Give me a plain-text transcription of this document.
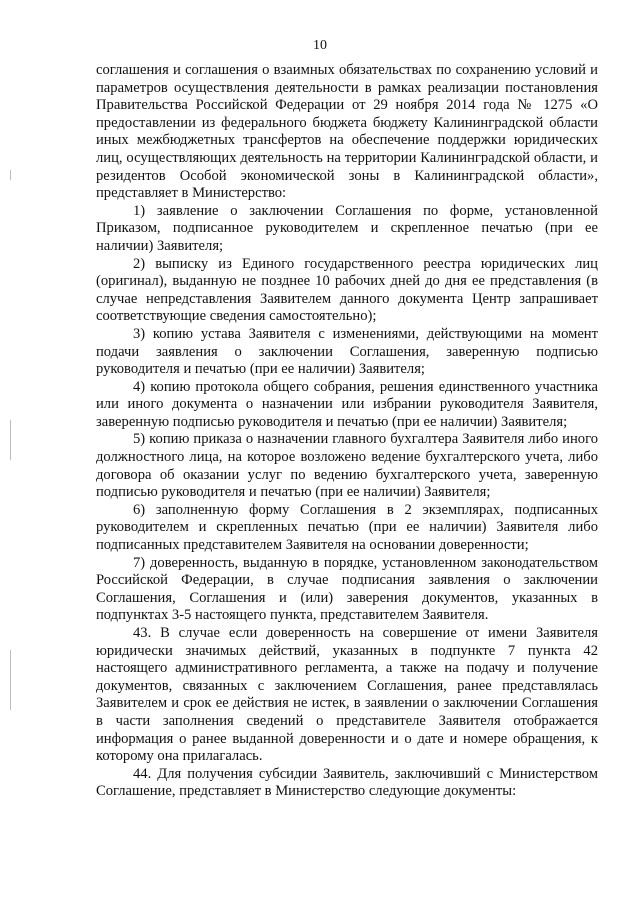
10

соглашения и соглашения о взаимных обязательствах по сохранению условий и параметров осуществления деятельности в рамках реализации постановления Правительства Российской Федерации от 29 ноября 2014 года № 1275 «О предоставлении из федерального бюджета бюджету Калининградской области иных межбюджетных трансфертов на обеспечение поддержки юридических лиц, осуществляющих деятельность на территории Калининградской области, и резидентов Особой экономической зоны в Калининградской области», представляет в Министерство:

1) заявление о заключении Соглашения по форме, установленной Приказом, подписанное руководителем и скрепленное печатью (при ее наличии) Заявителя;

2) выписку из Единого государственного реестра юридических лиц (оригинал), выданную не позднее 10 рабочих дней до дня ее представления (в случае непредставления Заявителем данного документа Центр запрашивает соответствующие сведения самостоятельно);

3) копию устава Заявителя с изменениями, действующими на момент подачи заявления о заключении Соглашения, заверенную подписью руководителя и печатью (при ее наличии) Заявителя;

4) копию протокола общего собрания, решения единственного участника или иного документа о назначении или избрании руководителя Заявителя, заверенную подписью руководителя и печатью (при ее наличии) Заявителя;

5) копию приказа о назначении главного бухгалтера Заявителя либо иного должностного лица, на которое возложено ведение бухгалтерского учета, либо договора об оказании услуг по ведению бухгалтерского учета, заверенную подписью руководителя и печатью (при ее наличии) Заявителя;

6) заполненную форму Соглашения в 2 экземплярах, подписанных руководителем и скрепленных печатью (при ее наличии) Заявителя либо подписанных представителем Заявителя на основании доверенности;

7) доверенность, выданную в порядке, установленном законодательством Российской Федерации, в случае подписания заявления о заключении Соглашения, Соглашения и (или) заверения документов, указанных в подпунктах 3-5 настоящего пункта, представителем Заявителя.

43. В случае если доверенность на совершение от имени Заявителя юридически значимых действий, указанных в подпункте 7 пункта 42 настоящего административного регламента, а также на подачу и получение документов, связанных с заключением Соглашения, ранее представлялась Заявителем и срок ее действия не истек, в заявлении о заключении Соглашения в части заполнения сведений о представителе Заявителя отображается информация о ранее выданной доверенности и о дате и номере обращения, к которому она прилагалась.

44. Для получения субсидии Заявитель, заключивший с Министерством Соглашение, представляет в Министерство следующие документы:
